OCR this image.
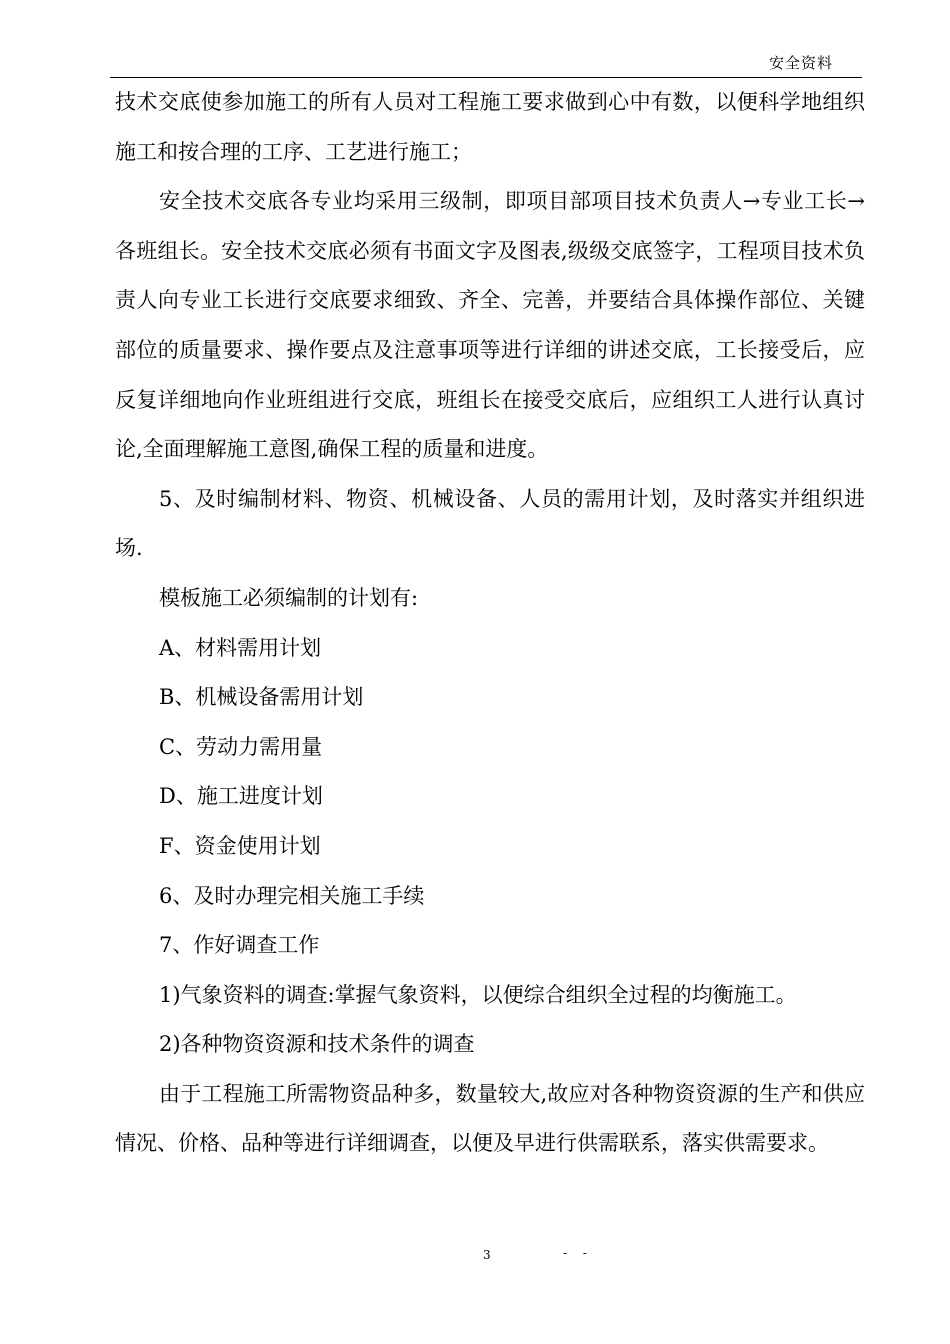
安全资料

技术交底使参加施工的所有人员对工程施工要求做到心中有数，以便科学地组织施工和按合理的工序、工艺进行施工；

安全技术交底各专业均采用三级制，即项目部项目技术负责人→专业工长→各班组长。安全技术交底必须有书面文字及图表,级级交底签字，工程项目技术负责人向专业工长进行交底要求细致、齐全、完善，并要结合具体操作部位、关键部位的质量要求、操作要点及注意事项等进行详细的讲述交底，工长接受后，应反复详细地向作业班组进行交底，班组长在接受交底后，应组织工人进行认真讨论,全面理解施工意图,确保工程的质量和进度。

5、及时编制材料、物资、机械设备、人员的需用计划，及时落实并组织进场.

模板施工必须编制的计划有:

A、材料需用计划

B、机械设备需用计划

C、劳动力需用量

D、施工进度计划

F、资金使用计划

6、及时办理完相关施工手续

7、作好调查工作

1)气象资料的调查:掌握气象资料，以便综合组织全过程的均衡施工。

2)各种物资资源和技术条件的调查

由于工程施工所需物资品种多，数量较大,故应对各种物资资源的生产和供应情况、价格、品种等进行详细调查，以便及早进行供需联系，落实供需要求。

3	- -
